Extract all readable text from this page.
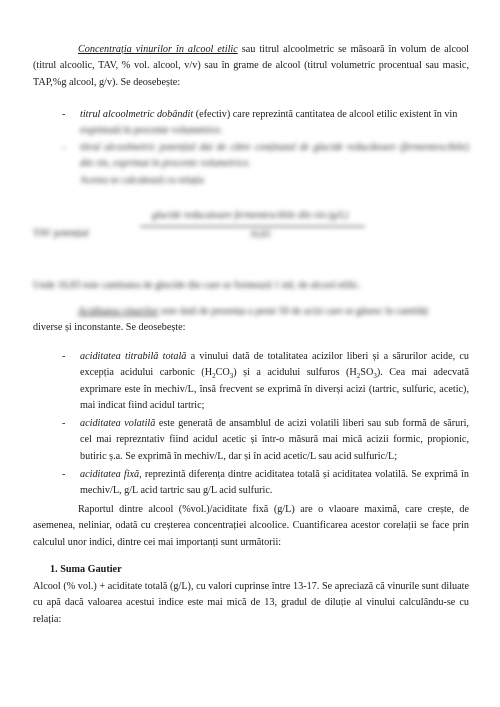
Concentrația vinurilor în alcool etilic sau titrul alcoolmetric se măsoară în volum de alcool (titrul alcoolic, TAV, % vol. alcool, v/v) sau în grame de alcool (titrul volumetric procentual sau masic, TAP,%g alcool, g/v). Se deosebește:

- titrul alcoolmetric dobândit (efectiv) care reprezintă cantitatea de alcool etilic existent în vin

exprimată în procente volumetrice.

- titrul alcoolmetric potențial dat de către conținutul de glucide reducătoare (fermentescibile) din vin, exprimat în procente volumetrice.

Acesta se calculează cu relația

TAV potențial
glucide reducatoare fermentescibile din vin (g/L)
16,83

Unde 16,83 este cantitatea de glucide din care se formează 1 mL de alcool etilic.

Aciditatea vinurilor este dată de prezența a peste 50 de acizi care se găsesc în cantități

diverse și inconstante. Se deosebește:

- aciditatea titrabilă totală a vinului dată de totalitatea acizilor liberi și a sărurilor acide, cu excepția acidului carbonic $(H_2CO_3)$ și a acidului sulfuros $(H_2SO_3)$. Cea mai adecvată exprimare este în mechiv/L, însă frecvent se exprimă în diverși acizi (tartric, sulfuric, acetic), mai indicat fiind acidul tartric;

- aciditatea volatilă este generată de ansamblul de acizi volatili liberi sau sub formă de săruri, cel mai reprezntativ fiind acidul acetic și într-o măsură mai mică acizii formic, propionic, butiric ș.a. Se exprimă în mechiv/L, dar și în acid acetic/L sau acid sulfuric/L;

- aciditatea fixă, reprezintă diferența dintre aciditatea totală și aciditatea volatilă. Se exprimă în mechiv/L, g/L acid tartric sau g/L acid sulfuric.

Raportul dintre alcool (%vol.)/aciditate fixă (g/L) are o vlaoare maximă, care crește, de asemenea, neliniar, odată cu creșterea concentrației alcoolice. Cuantificarea acestor corelații se face prin calculul unor indici, dintre cei mai importanți sunt următorii:

1. Suma Gautier

Alcool (% vol.) + aciditate totală (g/L), cu valori cuprinse între 13-17. Se apreciază că vinurile sunt diluate cu apă dacă valoarea acestui indice este mai mică de 13, gradul de diluție al vinului calculându-se cu relația:
